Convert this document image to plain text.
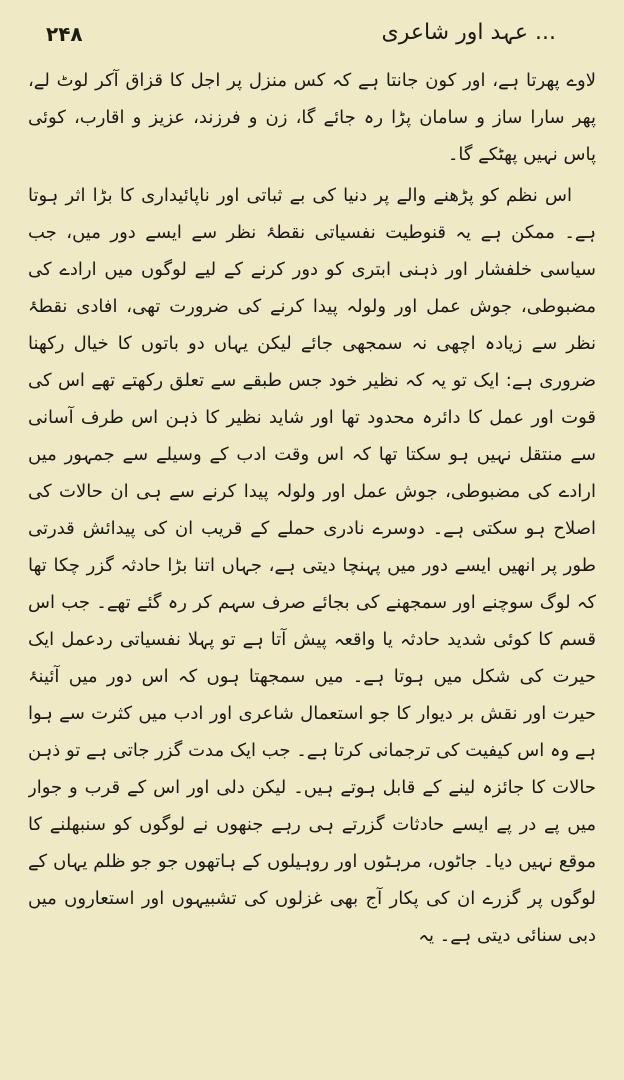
۲۴۸	... عہد اور شاعری

لاوے پھرتا ہے، اور کون جانتا ہے کہ کس منزل پر اجل کا قزاق آکر لوٹ لے، پھر سارا ساز و سامان پڑا رہ جائے گا، زن و فرزند، عزیز و اقارب، کوئی پاس نہیں پھٹکے گا۔

اس نظم کو پڑھنے والے پر دنیا کی بے ثباتی اور ناپائیداری کا بڑا اثر ہوتا ہے۔ ممکن ہے یہ قنوطیت نفسیاتی نقطۂ نظر سے ایسے دور میں، جب سیاسی خلفشار اور ذہنی ابتری کو دور کرنے کے لیے لوگوں میں ارادے کی مضبوطی، جوش عمل اور ولولہ پیدا کرنے کی ضرورت تھی، افادی نقطۂ نظر سے زیادہ اچھی نہ سمجھی جائے لیکن یہاں دو باتوں کا خیال رکھنا ضروری ہے: ایک تو یہ کہ نظیر خود جس طبقے سے تعلق رکھتے تھے اس کی قوت اور عمل کا دائرہ محدود تھا اور شاید نظیر کا ذہن اس طرف آسانی سے منتقل نہیں ہو سکتا تھا کہ اس وقت ادب کے وسیلے سے جمہور میں ارادے کی مضبوطی، جوش عمل اور ولولہ پیدا کرنے سے ہی ان حالات کی اصلاح ہو سکتی ہے۔ دوسرے نادری حملے کے قریب ان کی پیدائش قدرتی طور پر انھیں ایسے دور میں پہنچا دیتی ہے، جہاں اتنا بڑا حادثہ گزر چکا تھا کہ لوگ سوچنے اور سمجھنے کی بجائے صرف سہم کر رہ گئے تھے۔ جب اس قسم کا کوئی شدید حادثہ یا واقعہ پیش آتا ہے تو پہلا نفسیاتی ردعمل ایک حیرت کی شکل میں ہوتا ہے۔ میں سمجھتا ہوں کہ اس دور میں آئینۂ حیرت اور نقش بر دیوار کا جو استعمال شاعری اور ادب میں کثرت سے ہوا ہے وہ اس کیفیت کی ترجمانی کرتا ہے۔ جب ایک مدت گزر جاتی ہے تو ذہن حالات کا جائزہ لینے کے قابل ہوتے ہیں۔ لیکن دلی اور اس کے قرب و جوار میں پے در پے ایسے حادثات گزرتے ہی رہے جنھوں نے لوگوں کو سنبھلنے کا موقع نہیں دیا۔ جاٹوں، مرہٹوں اور روہیلوں کے ہاتھوں جو جو ظلم یہاں کے لوگوں پر گزرے ان کی پکار آج بھی غزلوں کی تشبیہوں اور استعاروں میں دبی سنائی دیتی ہے۔ یہ
